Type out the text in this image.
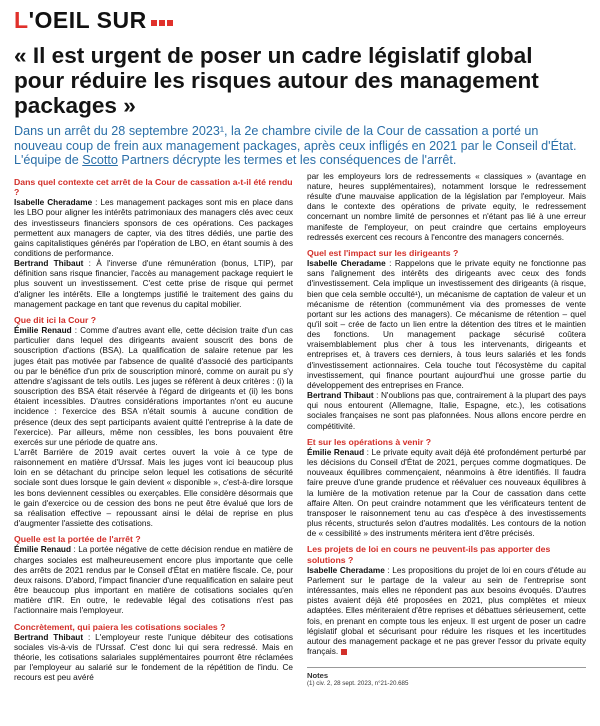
L'OEIL SUR
« Il est urgent de poser un cadre législatif global pour réduire les risques autour des management packages »

Dans un arrêt du 28 septembre 2023¹, la 2e chambre civile de la Cour de cassation a porté un nouveau coup de frein aux management packages, après ceux infligés en 2021 par le Conseil d'État. L'équipe de Scotto Partners décrypte les termes et les conséquences de l'arrêt.

Dans quel contexte cet arrêt de la Cour de cassation a-t-il été rendu ?

Isabelle Cheradame : Les management packages sont mis en place dans les LBO pour aligner les intérêts patrimoniaux des managers clés avec ceux des investisseurs financiers sponsors de ces opérations. Ces packages permettent aux managers de capter, via des titres dédiés, une partie des gains capitalistiques générés par l'opération de LBO, en étant soumis à des conditions de performance.

Bertrand Thibaut : À l'inverse d'une rémunération (bonus, LTIP), par définition sans risque financier, l'accès au management package requiert le plus souvent un investissement. C'est cette prise de risque qui permet d'aligner les intérêts. Elle a longtemps justifié le traitement des gains du management package en tant que revenus du capital mobilier.

Que dit ici la Cour ?

Émilie Renaud : Comme d'autres avant elle, cette décision traite d'un cas particulier dans lequel des dirigeants avaient souscrit des bons de souscription d'actions (BSA). La qualification de salaire retenue par les juges était pas motivée par l'absence de qualité d'associé des participants ou par le bénéfice d'un prix de souscription minoré, comme on aurait pu s'y attendre s'agissant de tels outils. Les juges se réfèrent à deux critères : (i) la souscription des BSA était réservée à l'égard de dirigeants et (ii) les bons étaient incessibles. D'autres considérations importantes n'ont eu aucune incidence : l'exercice des BSA n'était soumis à aucune condition de présence (deux des sept participants avaient quitté l'entreprise à la date de l'exercice). Par ailleurs, même non cessibles, les bons pouvaient être exercés sur une période de quatre ans.

L'arrêt Barrière de 2019 avait certes ouvert la voie à ce type de raisonnement en matière d'Urssaf. Mais les juges vont ici beaucoup plus loin en se détachant du principe selon lequel les cotisations de sécurité sociale sont dues lorsque le gain devient « disponible », c'est-à-dire lorsque les bons deviennent cessibles ou exerçables. Elle considère désormais que le gain d'exercice ou de cession des bons ne peut être évalué que lors de sa réalisation effective – repoussant ainsi le délai de reprise en plus d'augmenter l'assiette des cotisations.

Quelle est la portée de l'arrêt ?

Émilie Renaud : La portée négative de cette décision rendue en matière de charges sociales est malheureusement encore plus importante que celle des arrêts de 2021 rendus par le Conseil d'État en matière fiscale. Ce, pour deux raisons. D'abord, l'impact financier d'une requalification en salaire peut être beaucoup plus important en matière de cotisations sociales qu'en matière d'IR. En outre, le redevable légal des cotisations n'est pas l'actionnaire mais l'employeur.

Concrètement, qui paiera les cotisations sociales ?

Bertrand Thibaut : L'employeur reste l'unique débiteur des cotisations sociales vis-à-vis de l'Urssaf. C'est donc lui qui sera redressé. Mais en théorie, les cotisations salariales supplémentaires pourront être réclamées par l'employeur au salarié sur le fondement de la répétition de l'indu. Ce recours est peu avéré

par les employeurs lors de redressements « classiques » (avantage en nature, heures supplémentaires), notamment lorsque le redressement résulte d'une mauvaise application de la législation par l'employeur. Mais dans le contexte des opérations de private equity, le redressement concernant un nombre limité de personnes et n'étant pas lié à une erreur manifeste de l'employeur, on peut craindre que certains employeurs redressés exercent ces recours à l'encontre des managers concernés.

Quel est l'impact sur les dirigeants ?

Isabelle Cheradame : Rappelons que le private equity ne fonctionne pas sans l'alignement des intérêts des dirigeants avec ceux des fonds d'investissement. Cela implique un investissement des dirigeants (à risque, bien que cela semble occulté¹), un mécanisme de captation de valeur et un mécanisme de rétention (communément via des promesses de vente portant sur les actions des managers). Ce mécanisme de rétention – quel qu'il soit – crée de facto un lien entre la détention des titres et le maintien des fonctions. Un management package sécurisé coûtera vraisemblablement plus cher à tous les intervenants, dirigeants et entreprises et, à travers ces derniers, à tous leurs salariés et les fonds d'investissement actionnaires. Cela touche tout l'écosystème du capital investissement, qui finance pourtant aujourd'hui une grosse partie du développement des entreprises en France.

Bertrand Thibaut : N'oublions pas que, contrairement à la plupart des pays qui nous entourent (Allemagne, Italie, Espagne, etc.), les cotisations sociales françaises ne sont pas plafonnées. Nous allons encore perdre en compétitivité.

Et sur les opérations à venir ?

Émilie Renaud : Le private equity avait déjà été profondément perturbé par les décisions du Conseil d'État de 2021, perçues comme dogmatiques. De nouveaux équilibres commençaient, néanmoins à être identifiés. Il faudra faire preuve d'une grande prudence et réévaluer ces nouveaux équilibres à la lumière de la motivation retenue par la Cour de cassation dans cette affaire Alten. On peut craindre notamment que les vérificateurs tentent de transposer le raisonnement tenu au cas d'espèce à des investissements plus récents, structurés selon d'autres modalités. Les contours de la notion de « cessibilité » des instruments méritera ient d'être précisés.

Les projets de loi en cours ne peuvent-ils pas apporter des solutions ?

Isabelle Cheradame : Les propositions du projet de loi en cours d'étude au Parlement sur le partage de la valeur au sein de l'entreprise sont intéressantes, mais elles ne répondent pas aux besoins évoqués. D'autres pistes avaient déjà été proposées en 2021, plus complètes et mieux adaptées. Elles mériteraient d'être reprises et débattues sérieusement, cette fois, en prenant en compte tous les enjeux. Il est urgent de poser un cadre législatif global et sécurisant pour réduire les risques et les incertitudes autour des management package et ne pas grever l'essor du private equity français.

Notes
(1) civ. 2, 28 sept. 2023, n°21-20.685
